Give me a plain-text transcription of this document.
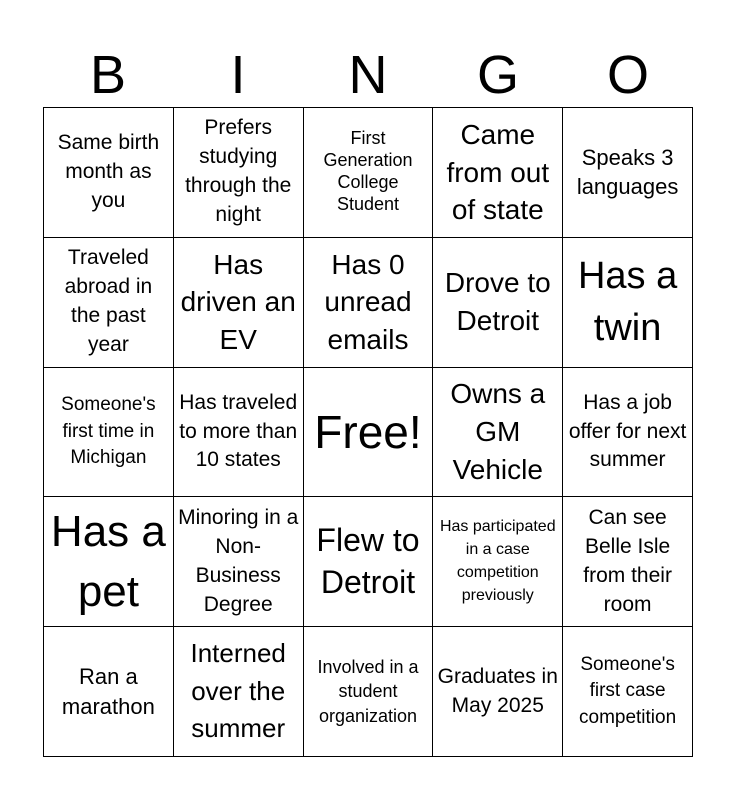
B	I	N	G	O
Same birth month as you
Prefers studying through the night
First Generation College Student
Came from out of state
Speaks 3 languages
Traveled abroad in the past year
Has driven an EV
Has 0 unread emails
Drove to Detroit
Has a twin
Someone's first time in Michigan
Has traveled to more than 10 states
Free!
Owns a GM Vehicle
Has a job offer for next summer
Has a pet
Minoring in a Non-Business Degree
Flew to Detroit
Has participated in a case competition previously
Can see Belle Isle from their room
Ran a marathon
Interned over the summer
Involved in a student organization
Graduates in May 2025
Someone's first case competition
